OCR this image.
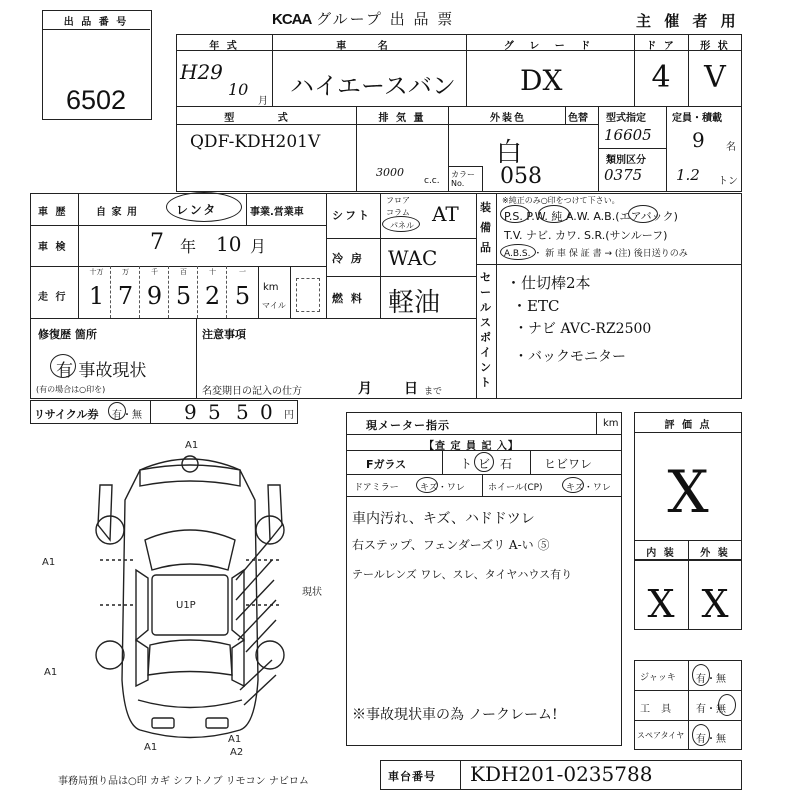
出 品 番 号
6502
KCAA グループ 出 品 票	主 催 者 用
年 式
H29
10
月
車 名
ハイエースバン
グ レ ー ド
DX
ド ア
4
形 状
V
型 式
QDF-KDH201V
排 気 量
3000
c.c.
外装色	色替
白
カラー No.	058
型式指定
16605
類別区分
0375
定員・積載
9 名
1.2 トン
車 歴	自 家 用	レンタ	事業.営業車
車 検	7 年 10 月
走 行
十万
1
万
7
千
9
百
5
十
2
一
5	km
マイル
シフト
フロア
コラム
パネル AT
冷 房 WAC
燃 料 軽油
装 備 品
※純正のみ○印をつけて下さい。
P.S. P.W. 純 A.W. A.B.(エアバック)
T.V. ナビ. カワ. S.R.(サンルーフ)
A.B.S. ・ 新 車 保 証 書 → (注) 後日送りのみ
セールスポイント
・仕切棒2本
・ETC
・ナビ AVC-RZ2500
・バックモニター
修復歴 箇所
有 事故現状
(有の場合は○印を)
注意事項
名変期日の記入の仕方	月 日 まで
リサイクル券 有・無 9 5 5 0 円
現メーター指示	km
【査 定 員 記 入】
Fガラス	ト ビ 石	ヒビワレ
ドアミラー キズ・ワレ	ホイール(CP)	キズ・ワレ
車内汚れ、キズ、ハドドツレ
右ステップ、フェンダーズリ A-い ⑤
テールレンズ ワレ、スレ、タイヤハウス有り
※事故現状車の為 ノークレーム!
評 価 点
X
内 装	外 装
X X
ジャッキ 有・無
工 具 有・無
スペアタイヤ 有・無
A1
A1
A1
A1
A1
A2
U1P
現状
事務局預り品は○印 カギ シフトノブ リモコン ナビロム	車台番号 KDH201-0235788
